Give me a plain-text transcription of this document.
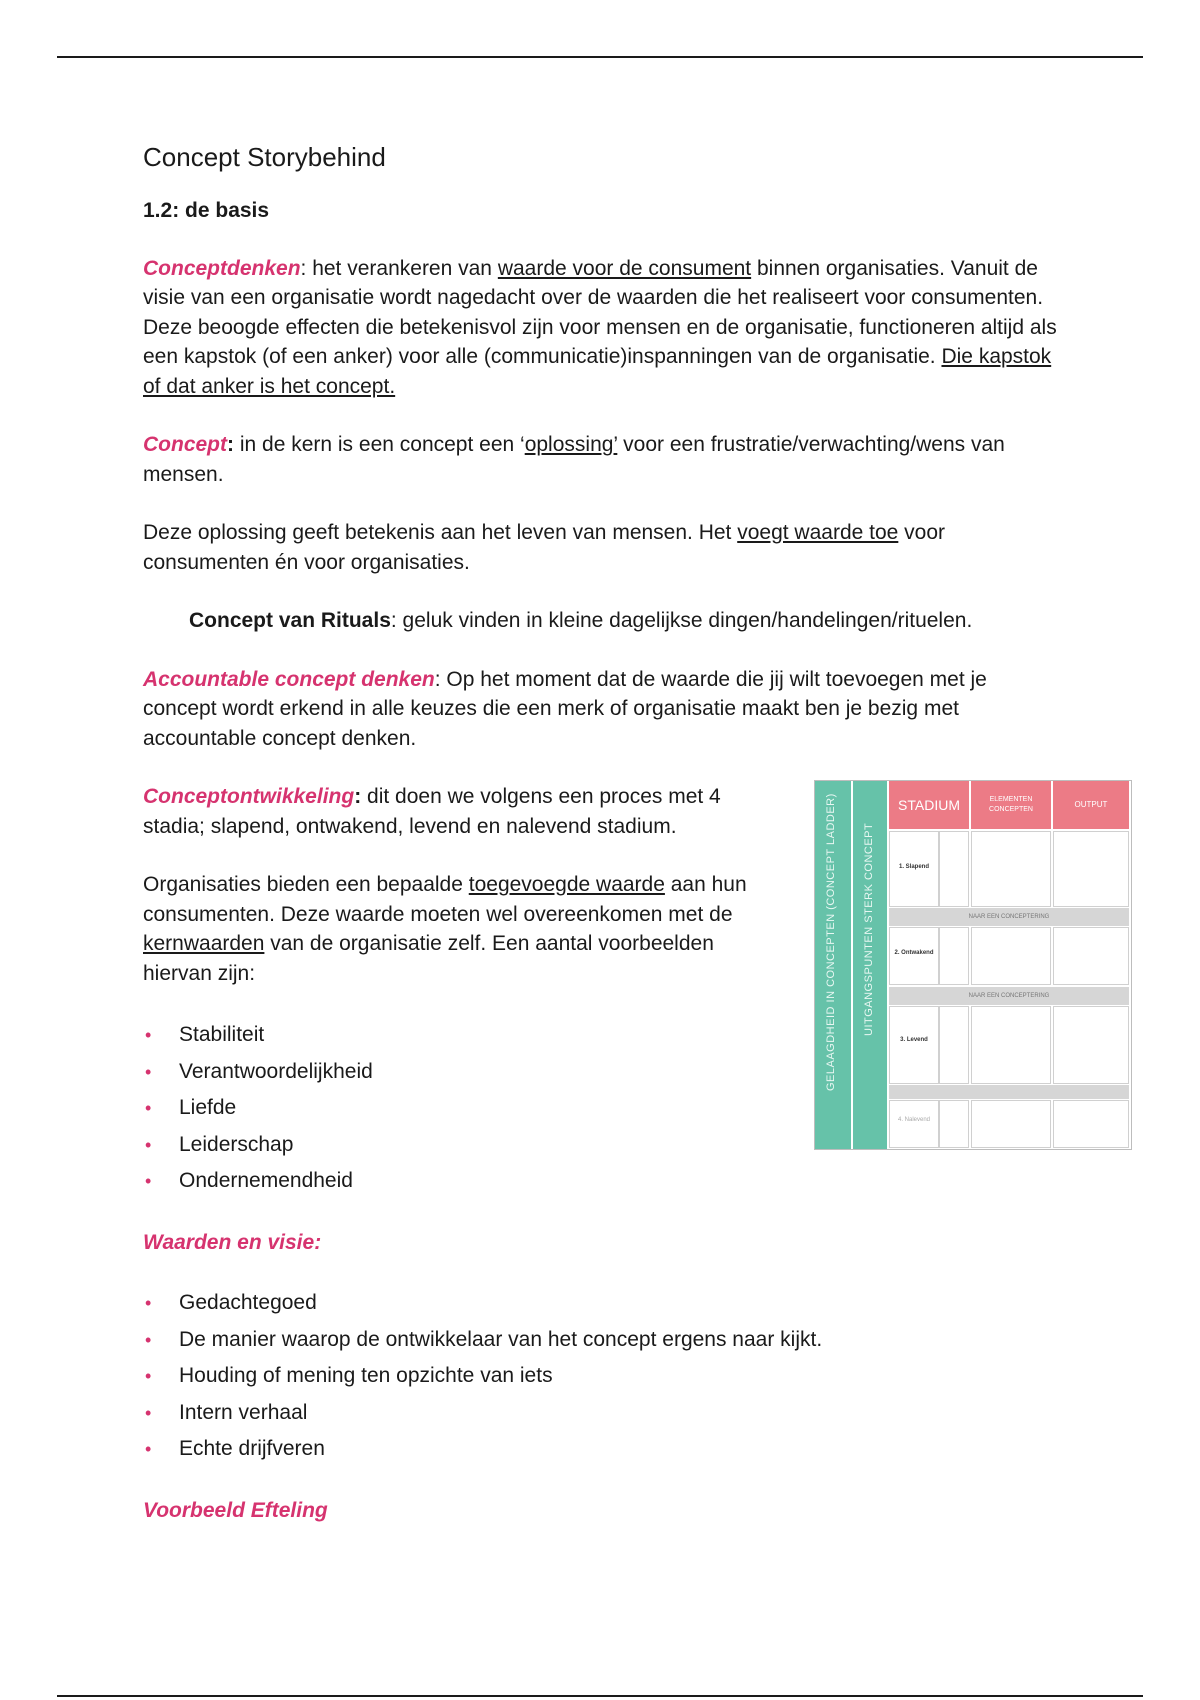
Concept Storybehind
1.2: de basis

Conceptdenken: het verankeren van waarde voor de consument binnen organisaties. Vanuit de visie van een organisatie wordt nagedacht over de waarden die het realiseert voor consumenten. Deze beoogde effecten die betekenisvol zijn voor mensen en de organisatie, functioneren altijd als een kapstok (of een anker) voor alle (communicatie)inspanningen van de organisatie. Die kapstok of dat anker is het concept.

Concept: in de kern is een concept een ‘oplossing’ voor een frustratie/verwachting/wens van mensen.

Deze oplossing geeft betekenis aan het leven van mensen. Het voegt waarde toe voor consumenten én voor organisaties.

Concept van Rituals: geluk vinden in kleine dagelijkse dingen/handelingen/rituelen.

Accountable concept denken: Op het moment dat de waarde die jij wilt toevoegen met je concept wordt erkend in alle keuzes die een merk of organisatie maakt ben je bezig met accountable concept denken.

Conceptontwikkeling: dit doen we volgens een proces met 4 stadia; slapend, ontwakend, levend en nalevend stadium.

Organisaties bieden een bepaalde toegevoegde waarde aan hun consumenten. Deze waarde moeten wel overeenkomen met de kernwaarden van de organisatie zelf. Een aantal voorbeelden hiervan zijn:

• Stabiliteit
• Verantwoordelijkheid
• Liefde
• Leiderschap
• Ondernemendheid

Waarden en visie:

• Gedachtegoed
• De manier waarop de ontwikkelaar van het concept ergens naar kijkt.
• Houding of mening ten opzichte van iets
• Intern verhaal
• Echte drijfveren

Voorbeeld Efteling

GELAAGDHEID IN CONCEPTEN (CONCEPT LADDER) UITGANGSPUNTEN STERK CONCEPT
STADIUM	ELEMENTEN CONCEPTEN
OUTPUT
1. Slapend
NAAR EEN CONCEPTERING
2. Ontwakend
NAAR EEN CONCEPTERING
3. Levend
4. Nalevend
